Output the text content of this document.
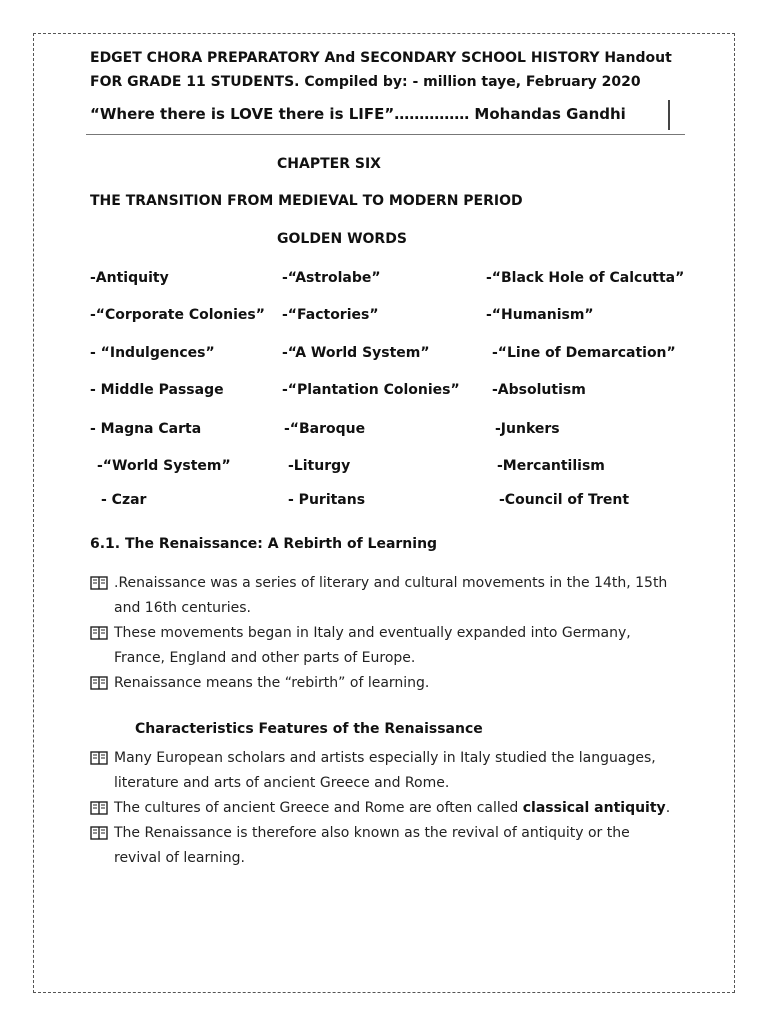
EDGET CHORA PREPARATORY And SECONDARY SCHOOL HISTORY Handout
FOR GRADE 11 STUDENTS. Compiled by: - million taye, February 2020
“Where there is LOVE there is LIFE”…………… Mohandas Gandhi
CHAPTER SIX
THE TRANSITION FROM MEDIEVAL TO MODERN PERIOD
GOLDEN WORDS
-Antiquity
-“Corporate Colonies”
- “Indulgences”
- Middle Passage
- Magna Carta
-“World System”
- Czar
-“Astrolabe”
-“Factories”
-“A World System”
-“Plantation Colonies”
-“Baroque
-Liturgy
- Puritans
-“Black Hole of Calcutta”
-“Humanism”
-“Line of Demarcation”
-Absolutism
-Junkers
-Mercantilism
-Council of Trent
6.1. The Renaissance: A Rebirth of Learning
.Renaissance was a series of literary and cultural movements in the 14th, 15th and 16th centuries.
These movements began in Italy and eventually expanded into Germany, France, England and other parts of Europe.
Renaissance means the “rebirth” of learning.
Characteristics Features of the Renaissance
Many European scholars and artists especially in Italy studied the languages, literature and arts of ancient Greece and Rome.
The cultures of ancient Greece and Rome are often called classical antiquity.
The Renaissance is therefore also known as the revival of antiquity or the revival of learning.
